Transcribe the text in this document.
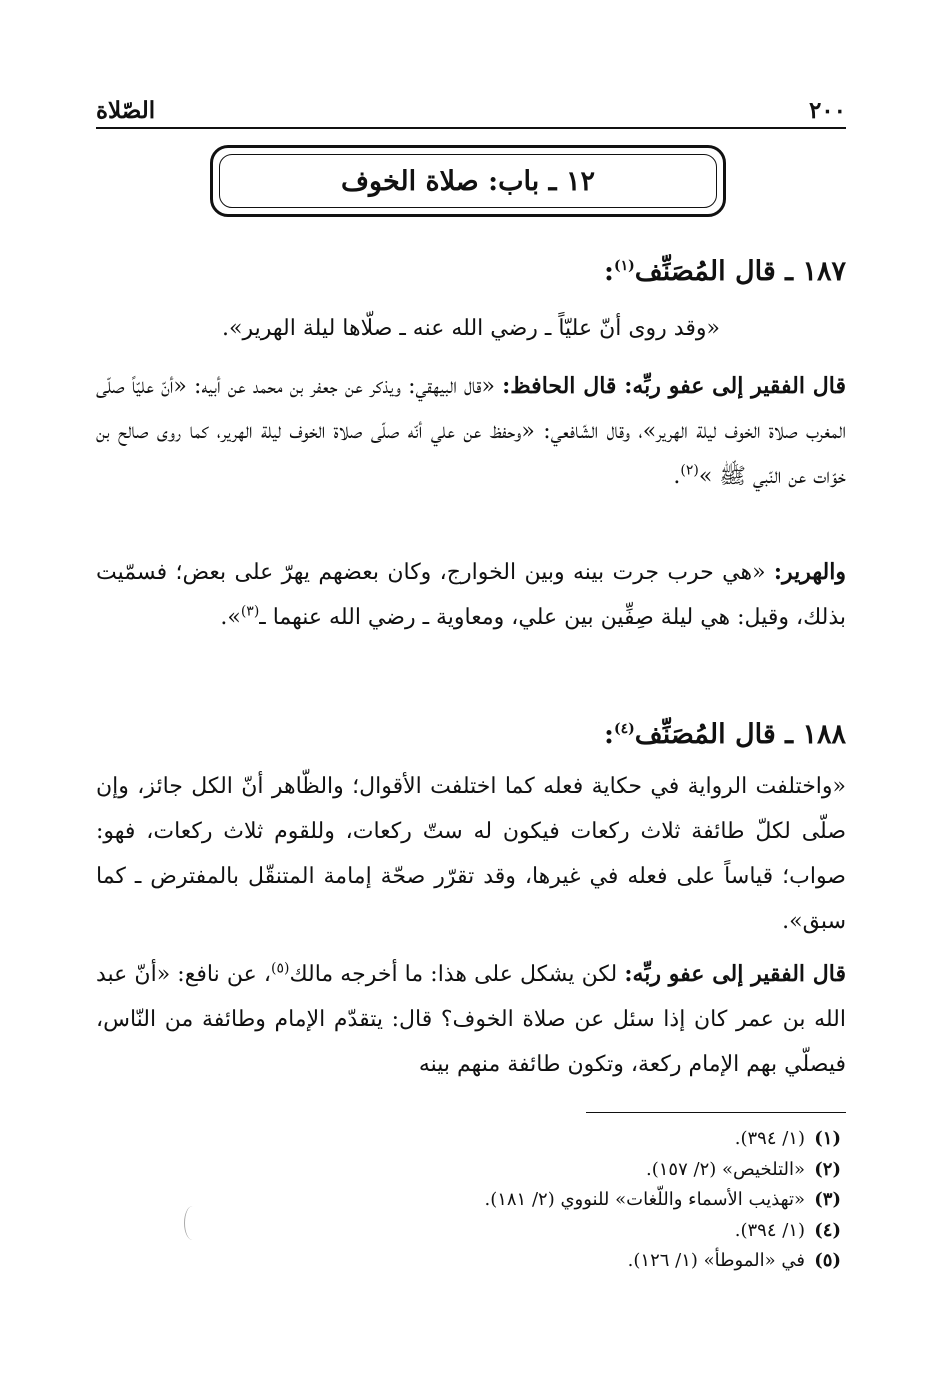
٢٠٠
الصّلاة
١٢ ـ باب: صلاة الخوف
١٨٧ ـ قال المُصَنِّف$^{(١)}$:
«وقد روى أنّ عليّاً ـ رضي الله عنه ـ صلّاها ليلة الهرير».
قال الفقير إلى عفو ربِّه: قال الحافظ: «قال البيهقي: ويذكر عن جعفر بن محمد عن أبيه: «أنّ عليّاً صلّى المغرب صلاة الخوف ليلة الهرير»، وقال الشّافعي: «وحفظ عن علي أنّه صلّى صلاة الخوف ليلة الهرير، كما روى صالح بن خوّات عن النّبي ﷺ »$^{(٢)}$.
والهرير: «هي حرب جرت بينه وبين الخوارج، وكان بعضهم يهرّ على بعض؛ فسمّيت بذلك، وقيل: هي ليلة صِفِّين بين علي، ومعاوية ـ رضي الله عنهما ـ$^{(٣)}$».
١٨٨ ـ قال المُصَنِّف$^{(٤)}$:
«واختلفت الرواية في حكاية فعله كما اختلفت الأقوال؛ والظّاهر أنّ الكل جائز، وإن صلّى لكلّ طائفة ثلاث ركعات فيكون له ستّ ركعات، وللقوم ثلاث ركعات، فهو: صواب؛ قياساً على فعله في غيرها، وقد تقرّر صحّة إمامة المتنقّل بالمفترض ـ كما سبق».
قال الفقير إلى عفو ربِّه: لكن يشكل على هذا: ما أخرجه مالك$^{(٥)}$، عن نافع: «أنّ عبد الله بن عمر كان إذا سئل عن صلاة الخوف؟ قال: يتقدّم الإمام وطائفة من النّاس، فيصلّي بهم الإمام ركعة، وتكون طائفة منهم بينه
(١)(١/ ٣٩٤).
(٢)«التلخيص» (٢/ ١٥٧).
(٣)«تهذيب الأسماء واللّغات» للنووي (٢/ ١٨١).
(٤)(١/ ٣٩٤).
(٥)في «الموطأ» (١/ ١٢٦).
